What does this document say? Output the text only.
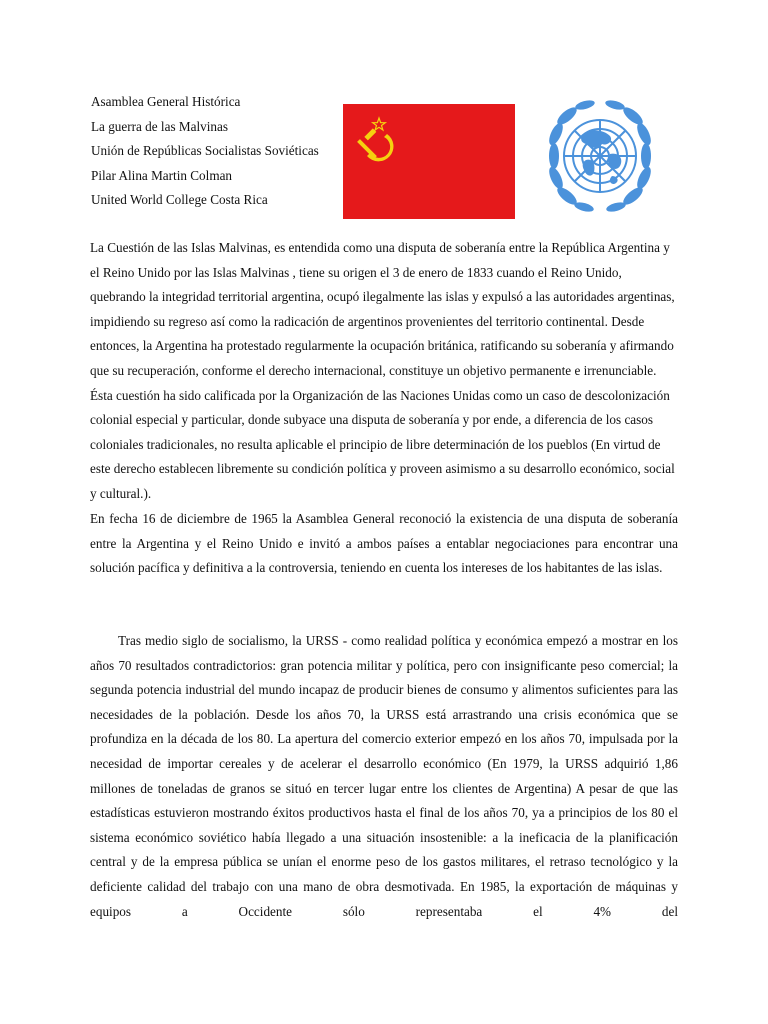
Asamblea General Histórica
La guerra de las Malvinas
Unión de Repúblicas Socialistas Soviéticas
Pilar Alina Martin Colman
United World College Costa Rica

La Cuestión de las Islas Malvinas, es entendida como una disputa de soberanía entre la República Argentina y el Reino Unido por las Islas Malvinas , tiene su origen el 3 de enero de 1833 cuando el Reino Unido, quebrando la integridad territorial argentina, ocupó ilegalmente las islas y expulsó a las autoridades argentinas, impidiendo su regreso así como la radicación de argentinos provenientes del territorio continental. Desde entonces, la Argentina ha protestado regularmente la ocupación británica, ratificando su soberanía y afirmando que su recuperación, conforme el derecho internacional, constituye un objetivo permanente e irrenunciable. Ésta cuestión ha sido calificada por la Organización de las Naciones Unidas como un caso de descolonización colonial especial y particular, donde subyace una disputa de soberanía y por ende, a diferencia de los casos coloniales tradicionales, no resulta aplicable el principio de libre determinación de los pueblos (En virtud de este derecho establecen libremente su condición política y proveen asimismo a su desarrollo económico, social y cultural.).

En fecha 16 de diciembre de 1965 la Asamblea General reconoció la existencia de una disputa de soberanía entre la Argentina y el Reino Unido e invitó a ambos países a entablar negociaciones para encontrar una solución pacífica y definitiva a la controversia, teniendo en cuenta los intereses de los habitantes de las islas.

Tras medio siglo de socialismo, la URSS - como realidad política y económica empezó a mostrar en los años 70 resultados contradictorios: gran potencia militar y política, pero con insignificante peso comercial; la segunda potencia industrial del mundo incapaz de producir bienes de consumo y alimentos suficientes para las necesidades de la población. Desde los años 70, la URSS está arrastrando una crisis económica que se profundiza en la década de los 80. La apertura del comercio exterior empezó en los años 70, impulsada por la necesidad de importar cereales y de acelerar el desarrollo económico (En 1979, la URSS adquirió 1,86 millones de toneladas de granos se situó en tercer lugar entre los clientes de Argentina) A pesar de que las estadísticas estuvieron mostrando éxitos productivos hasta el final de los años 70, ya a principios de los 80 el sistema económico soviético había llegado a una situación insostenible: a la ineficacia de la planificación central y de la empresa pública se unían el enorme peso de los gastos militares, el retraso tecnológico y la deficiente calidad del trabajo con una mano de obra desmotivada. En 1985, la exportación de máquinas y equipos a Occidente sólo representaba el 4% del
